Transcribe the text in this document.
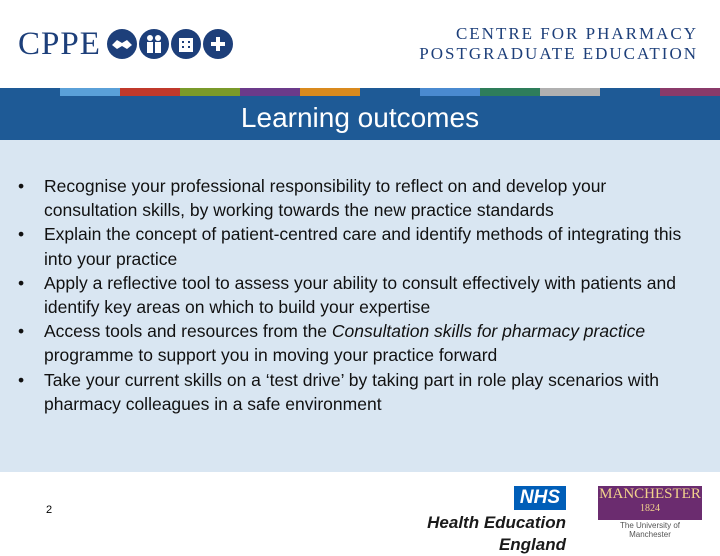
CPPE	CENTRE FOR PHARMACY
POSTGRADUATE EDUCATION
Learning outcomes
• Recognise your professional responsibility to reflect on and develop your consultation skills, by working towards the new practice standards
• Explain the concept of patient-centred care and identify methods of integrating this into your practice
• Apply a reflective tool to assess your ability to consult effectively with patients and identify key areas on which to build your expertise
• Access tools and resources from the Consultation skills for pharmacy practice programme to support you in moving your practice forward
• Take your current skills on a ‘test drive’ by taking part in role play scenarios with pharmacy colleagues in a safe environment
2
NHS
Health Education England
MANCHESTER
1824
The University of Manchester
